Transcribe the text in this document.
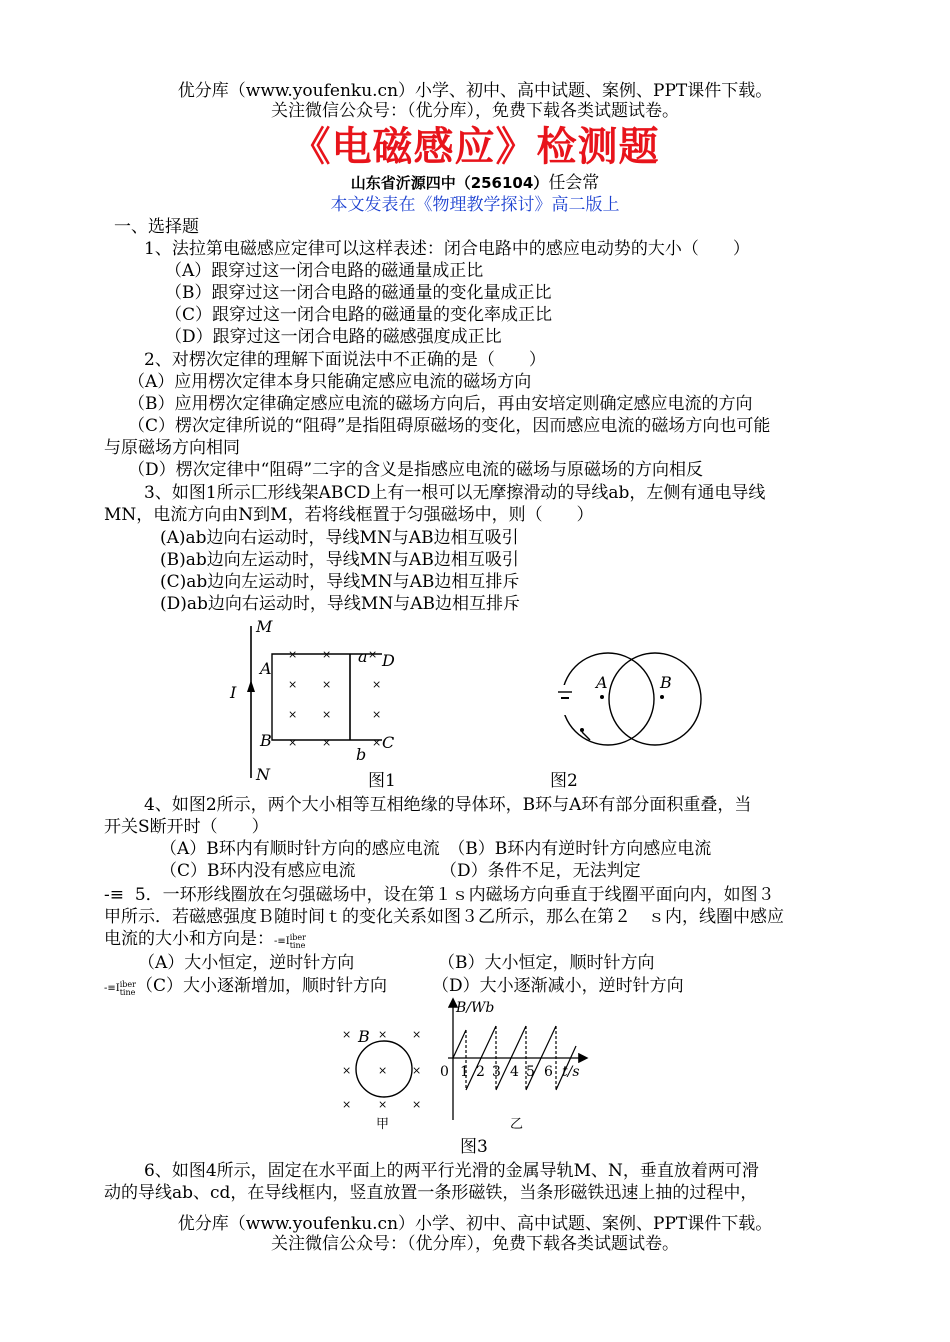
优分库（www.youfenku.cn）小学、初中、高中试题、案例、PPT课件下载。
关注微信公众号：（优分库），免费下载各类试题试卷。
《电磁感应》检测题
山东省沂源四中（256104）任会常
本文发表在《物理教学探讨》高二版上
一、选择题
1、法拉第电磁感应定律可以这样表述：闭合电路中的感应电动势的大小（　　）
（A）跟穿过这一闭合电路的磁通量成正比
（B）跟穿过这一闭合电路的磁通量的变化量成正比
（C）跟穿过这一闭合电路的磁通量的变化率成正比
（D）跟穿过这一闭合电路的磁感强度成正比
2、对楞次定律的理解下面说法中不正确的是（　　）
（A）应用楞次定律本身只能确定感应电流的磁场方向
（B）应用楞次定律确定感应电流的磁场方向后，再由安培定则确定感应电流的方向
（C）楞次定律所说的“阻碍”是指阻碍原磁场的变化，因而感应电流的磁场方向也可能
与原磁场方向相同
（D）楞次定律中“阻碍”二字的含义是指感应电流的磁场与原磁场的方向相反
3、如图1所示匚形线架ABCD上有一根可以无摩擦滑动的导线ab，左侧有通电导线
MN，电流方向由N到M，若将线框置于匀强磁场中，则（　　）
(A)ab边向右运动时，导线MN与AB边相互吸引
(B)ab边向左运动时，导线MN与AB边相互吸引
(C)ab边向左运动时，导线MN与AB边相互排斥
(D)ab边向右运动时，导线MN与AB边相互排斥
M
N
I
A
B
a D
C
b
× ×	×
× ×	×
× ×	×
× ×	×
图1
A	B
图2
4、如图2所示，两个大小相等互相绝缘的导体环，B环与A环有部分面积重叠，当
开关S断开时（　　）
（A）B环内有顺时针方向的感应电流　（B）B环内有逆时针方向感应电流
（C）B环内没有感应电流	（D）条件不足，无法判定
-≡ 5．一环形线圈放在匀强磁场中，设在第１ｓ内磁场方向垂直于线圈平面向内，如图３
甲所示．若磁感强度Ｂ随时间ｔ的变化关系如图３乙所示，那么在第２　ｓ内，线圈中感应
电流的大小和方向是：-≡Iiber
tine
（A）大小恒定，逆时针方向	（B）大小恒定，顺时针方向
-≡Iiber
tine（C）大小逐渐增加，顺时针方向	（D）大小逐渐减小，逆时针方向
× × ×
× × ×
× × ×
B
甲
B/Wb
t/s
0 1 2 3 4 5 6
乙
图3
6、如图4所示，固定在水平面上的两平行光滑的金属导轨M、N，垂直放着两可滑
动的导线ab、cd，在导线框内，竖直放置一条形磁铁，当条形磁铁迅速上抽的过程中，
优分库（www.youfenku.cn）小学、初中、高中试题、案例、PPT课件下载。
关注微信公众号：（优分库），免费下载各类试题试卷。
